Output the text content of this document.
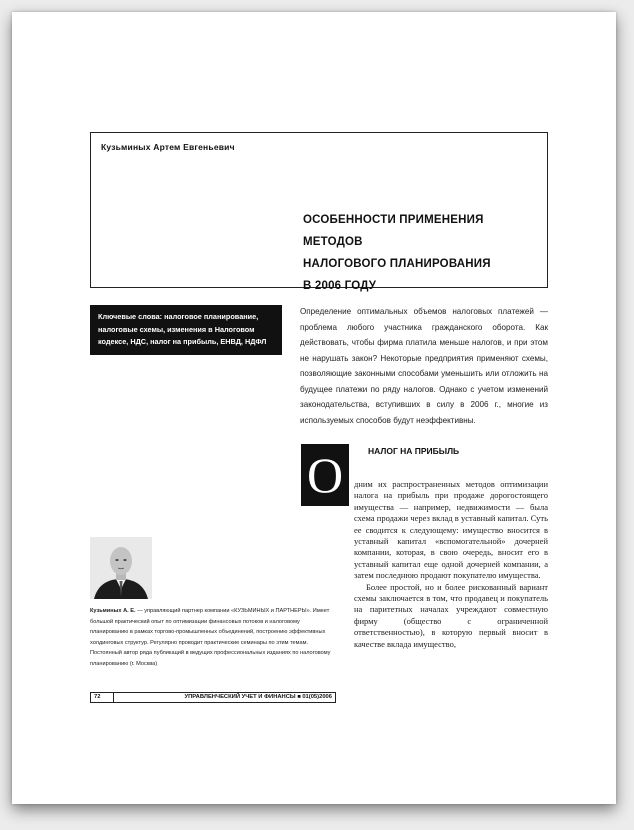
Кузьминых Артем Евгеньевич
ОСОБЕННОСТИ ПРИМЕНЕНИЯ МЕТОДОВ
НАЛОГОВОГО ПЛАНИРОВАНИЯ
В 2006 ГОДУ
Ключевые слова: налоговое планирование, налоговые схемы, изменения в Налоговом кодексе, НДС, налог на прибыль, ЕНВД, НДФЛ
Определение оптимальных объемов налоговых платежей — проблема любого участника гражданского оборота. Как действовать, чтобы фирма платила меньше налогов, и при этом не нарушать закон? Некоторые предприятия применяют схемы, позволяющие законными способами уменьшить или отложить на будущее платежи по ряду налогов. Однако с учетом изменений законодательства, вступивших в силу в 2006 г., многие из используемых способов будут неэффективны.
О	НАЛОГ НА ПРИБЫЛЬ

дним их распространенных методов оптимизации налога на прибыль при продаже дорогостоящего имущества — например, недвижимости — была схема продажи через вклад в уставный капитал. Суть ее сводится к следующему: имущество вносится в уставный капитал «вспомогательной» дочерней компании, которая, в свою очередь, вносит его в уставный капитал еще одной дочерней компании, а затем последнюю продают покупателю имущества.

Более простой, но и более рискованный вариант схемы заключается в том, что продавец и покупатель на паритетных началах учреждают совместную фирму (общество с ограниченной ответственностью), в которую первый вносит в качестве вклада имущество,

Кузьминых А. Е. — управляющий партнер компании «КУЗЬМИНЫХ и ПАРТНЕРЫ». Имеет большой практический опыт по оптимизации финансовых потоков и налоговому планированию в рамках торгово-промышленных объединений, построению эффективных холдинговых структур. Регулярно проводит практические семинары по этим темам. Постоянный автор ряда публикаций в ведущих профессиональных изданиях по налоговому планированию (г. Москва)
72	УПРАВЛЕНЧЕСКИЙ УЧЕТ И ФИНАНСЫ ■ 01(05)2006
